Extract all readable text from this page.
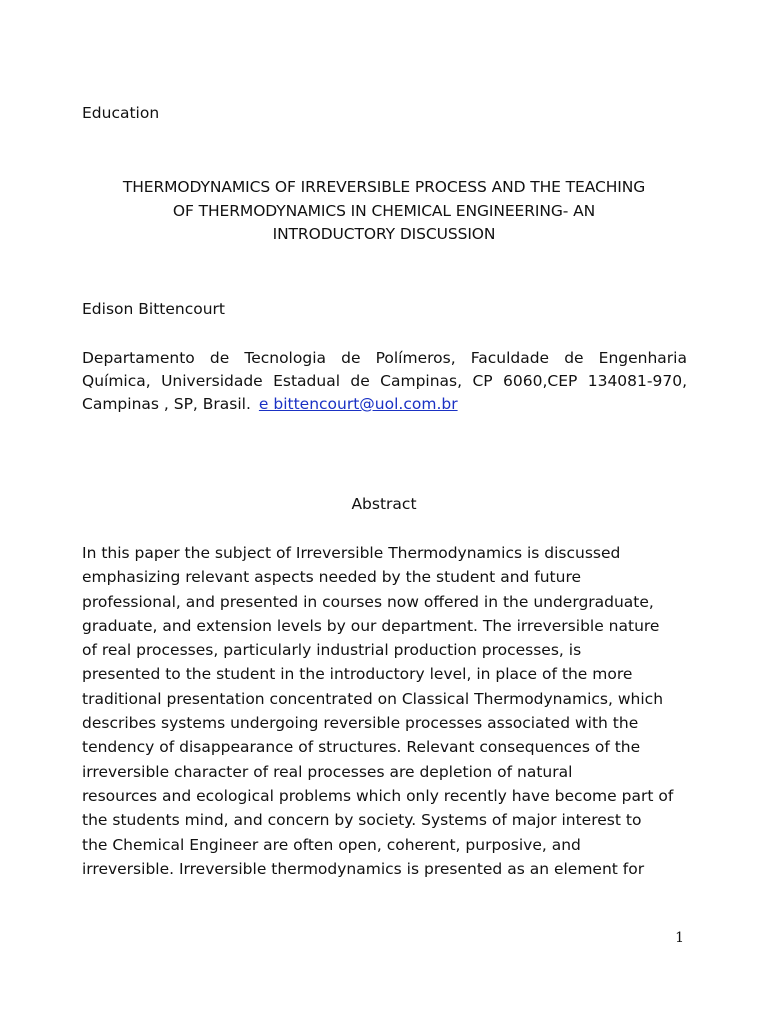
Education
THERMODYNAMICS OF IRREVERSIBLE PROCESS AND THE TEACHING
OF THERMODYNAMICS IN CHEMICAL ENGINEERING- AN
INTRODUCTORY DISCUSSION
Edison Bittencourt
Departamento de Tecnologia de Polímeros, Faculdade de Engenharia
Química, Universidade Estadual de Campinas, CP 6060,CEP 134081-970,
Campinas , SP, Brasil. e bittencourt@uol.com.br
Abstract
In this paper the subject of Irreversible Thermodynamics is discussed
emphasizing relevant aspects needed by the student and future
professional, and presented in courses now offered in the undergraduate,
graduate, and extension levels by our department. The irreversible nature
of real processes, particularly industrial production processes, is
presented to the student in the introductory level, in place of the more
traditional presentation concentrated on Classical Thermodynamics, which
describes systems undergoing reversible processes associated with the
tendency of disappearance of structures. Relevant consequences of the
irreversible character of real processes are depletion of natural
resources and ecological problems which only recently have become part of
the students mind, and concern by society. Systems of major interest to
the Chemical Engineer are often open, coherent, purposive, and
irreversible. Irreversible thermodynamics is presented as an element for
1
